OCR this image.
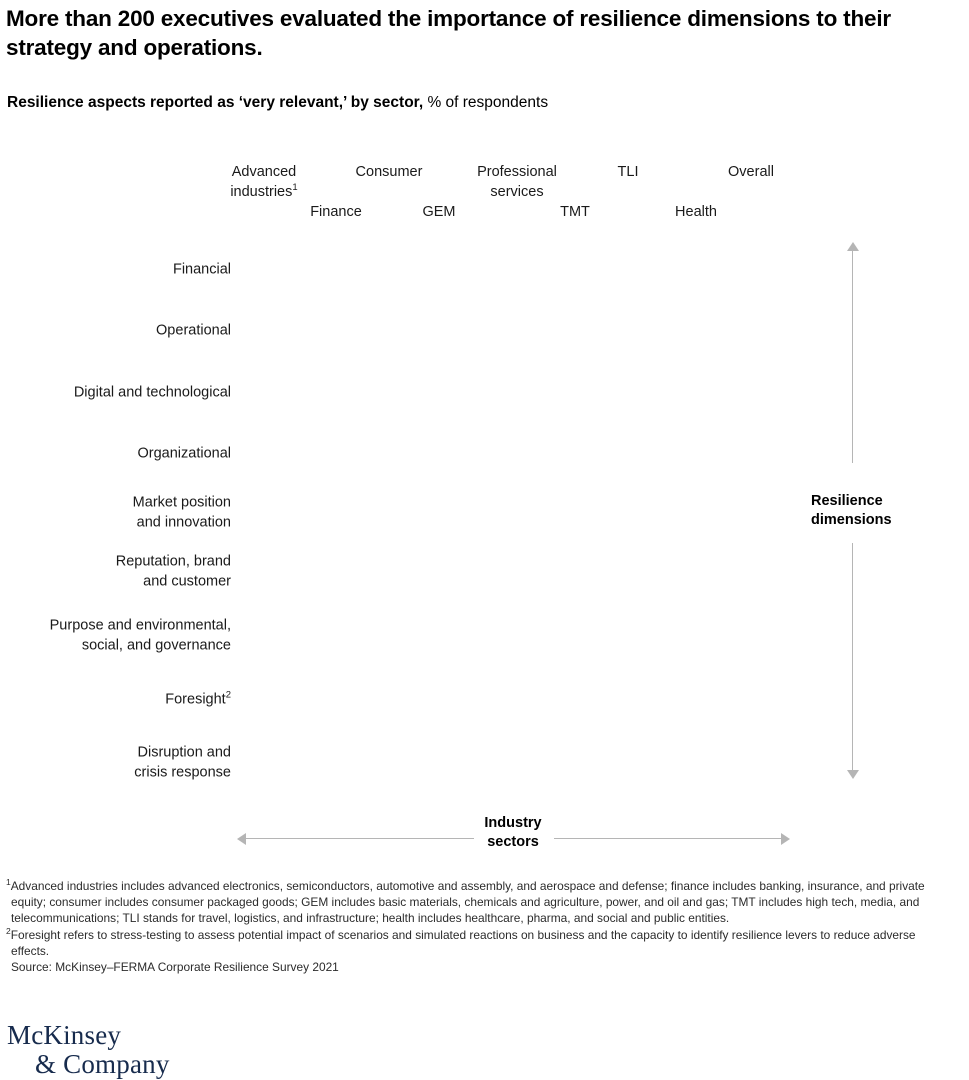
More than 200 executives evaluated the importance of resilience dimensions to their strategy and operations.
Resilience aspects reported as ‘very relevant,’ by sector, % of respondents
Advanced
industries$^1$
Consumer	Professional
services
TLI	Overall
Finance	GEM	TMT	Health
Financial
Operational
Digital and technological
Organizational
Market position
and innovation
Reputation, brand
and customer
Purpose and environmental,
social, and governance
Foresight$^2$
Disruption and
crisis response
Resilience
dimensions
Industry
sectors

$^1$Advanced industries includes advanced electronics, semiconductors, automotive and assembly, and aerospace and defense; finance includes banking, insurance, and private equity; consumer includes consumer packaged goods; GEM includes basic materials, chemicals and agriculture, power, and oil and gas; TMT includes high tech, media, and telecommunications; TLI stands for travel, logistics, and infrastructure; health includes healthcare, pharma, and social and public entities.

$^2$Foresight refers to stress-testing to assess potential impact of scenarios and simulated reactions on business and the capacity to identify resilience levers to reduce adverse effects.

Source: McKinsey–FERMA Corporate Resilience Survey 2021

McKinsey
& Company
